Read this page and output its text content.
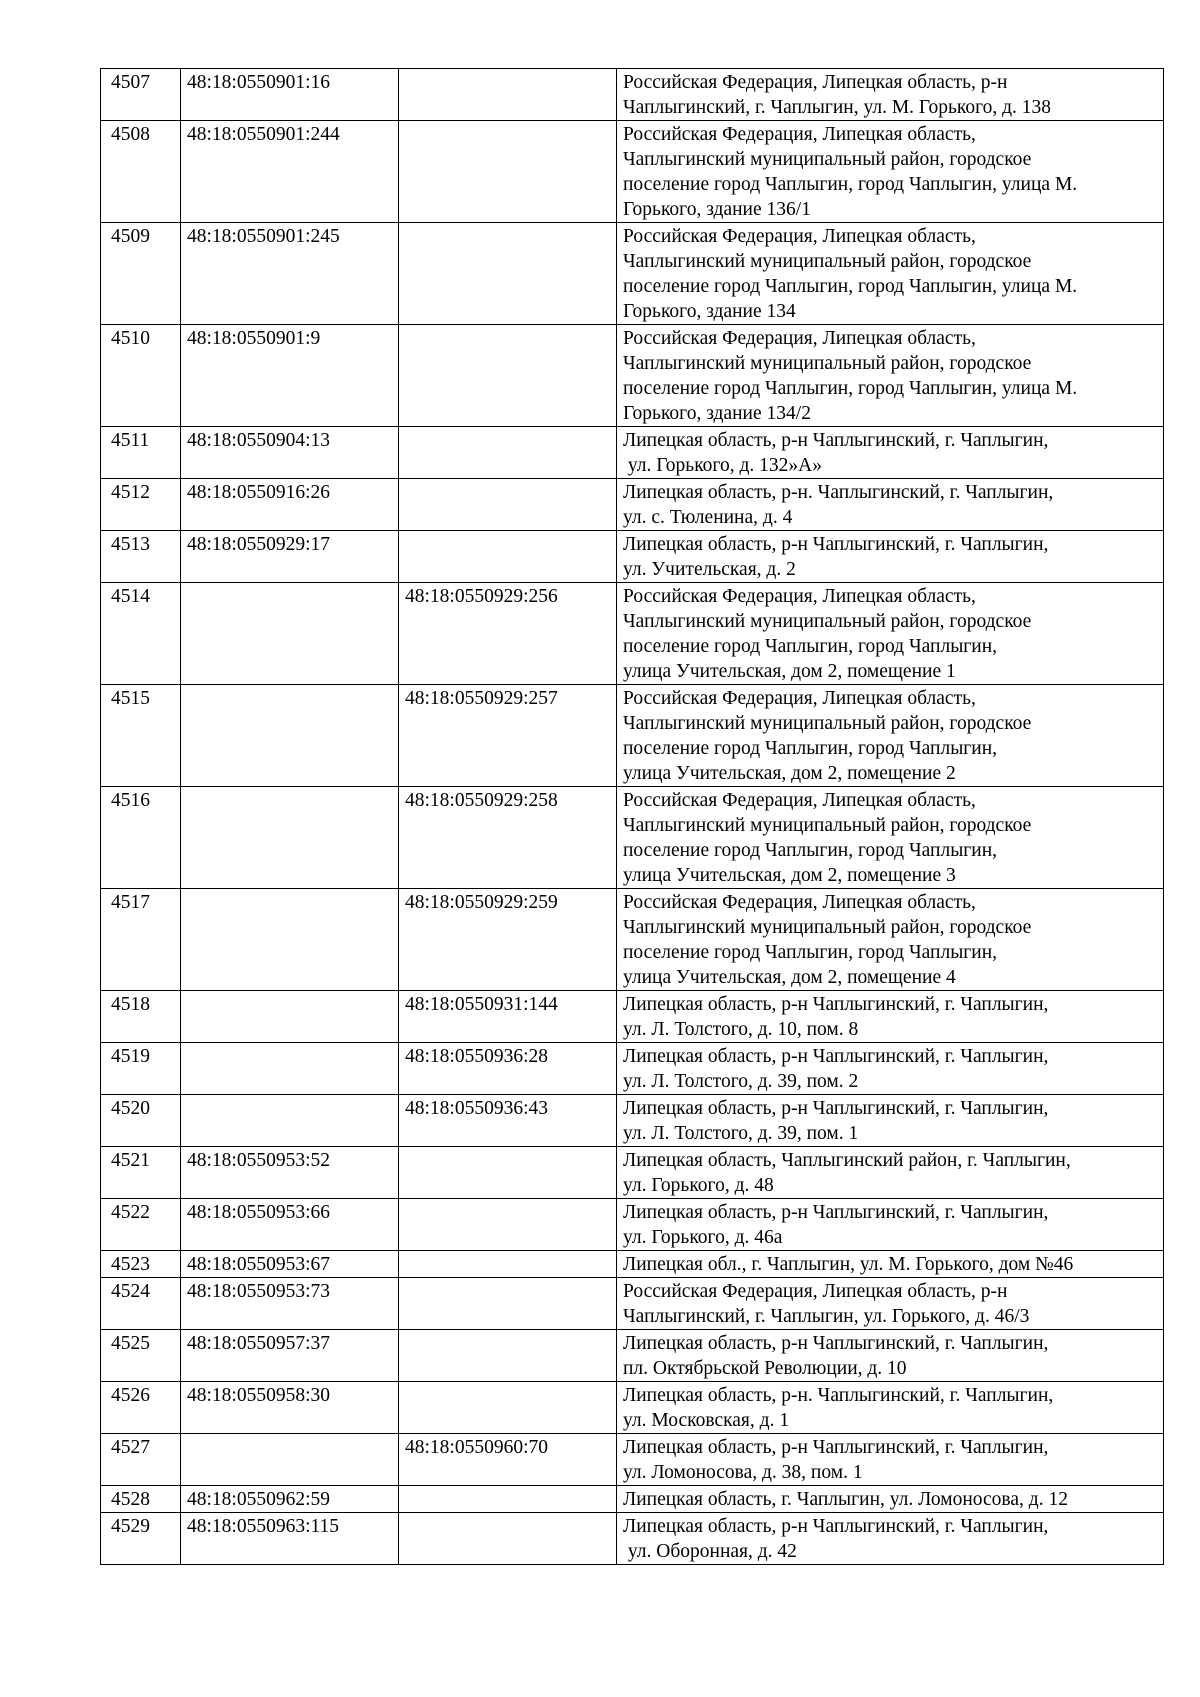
4507	48:18:0550901:16		Российская Федерация, Липецкая область, р-н
Чаплыгинский, г. Чаплыгин, ул. М. Горького, д. 138

4508	48:18:0550901:244		Российская Федерация, Липецкая область,
Чаплыгинский муниципальный район, городское
поселение город Чаплыгин, город Чаплыгин, улица М.
Горького, здание 136/1

4509	48:18:0550901:245		Российская Федерация, Липецкая область,
Чаплыгинский муниципальный район, городское
поселение город Чаплыгин, город Чаплыгин, улица М.
Горького, здание 134

4510	48:18:0550901:9		Российская Федерация, Липецкая область,
Чаплыгинский муниципальный район, городское
поселение город Чаплыгин, город Чаплыгин, улица М.
Горького, здание 134/2

4511	48:18:0550904:13		Липецкая область, р-н Чаплыгинский, г. Чаплыгин,
ул. Горького, д. 132»А»

4512	48:18:0550916:26		Липецкая область, р-н. Чаплыгинский, г. Чаплыгин,
ул. с. Тюленина, д. 4

4513	48:18:0550929:17		Липецкая область, р-н Чаплыгинский, г. Чаплыгин,
ул. Учительская, д. 2

4514		48:18:0550929:256	Российская Федерация, Липецкая область,
Чаплыгинский муниципальный район, городское
поселение город Чаплыгин, город Чаплыгин,
улица Учительская, дом 2, помещение 1

4515		48:18:0550929:257	Российская Федерация, Липецкая область,
Чаплыгинский муниципальный район, городское
поселение город Чаплыгин, город Чаплыгин,
улица Учительская, дом 2, помещение 2

4516		48:18:0550929:258	Российская Федерация, Липецкая область,
Чаплыгинский муниципальный район, городское
поселение город Чаплыгин, город Чаплыгин,
улица Учительская, дом 2, помещение 3

4517		48:18:0550929:259	Российская Федерация, Липецкая область,
Чаплыгинский муниципальный район, городское
поселение город Чаплыгин, город Чаплыгин,
улица Учительская, дом 2, помещение 4

4518		48:18:0550931:144	Липецкая область, р-н Чаплыгинский, г. Чаплыгин,
ул. Л. Толстого, д. 10, пом. 8

4519		48:18:0550936:28	Липецкая область, р-н Чаплыгинский, г. Чаплыгин,
ул. Л. Толстого, д. 39, пом. 2

4520		48:18:0550936:43	Липецкая область, р-н Чаплыгинский, г. Чаплыгин,
ул. Л. Толстого, д. 39, пом. 1

4521	48:18:0550953:52		Липецкая область, Чаплыгинский район, г. Чаплыгин,
ул. Горького, д. 48

4522	48:18:0550953:66		Липецкая область, р-н Чаплыгинский, г. Чаплыгин,
ул. Горького, д. 46а

4523	48:18:0550953:67		Липецкая обл., г. Чаплыгин, ул. М. Горького, дом №46

4524	48:18:0550953:73		Российская Федерация, Липецкая область, р-н
Чаплыгинский, г. Чаплыгин, ул. Горького, д. 46/3

4525	48:18:0550957:37		Липецкая область, р-н Чаплыгинский, г. Чаплыгин,
пл. Октябрьской Революции, д. 10

4526	48:18:0550958:30		Липецкая область, р-н. Чаплыгинский, г. Чаплыгин,
ул. Московская, д. 1

4527		48:18:0550960:70	Липецкая область, р-н Чаплыгинский, г. Чаплыгин,
ул. Ломоносова, д. 38, пом. 1

4528	48:18:0550962:59		Липецкая область, г. Чаплыгин, ул. Ломоносова, д. 12

4529	48:18:0550963:115		Липецкая область, р-н Чаплыгинский, г. Чаплыгин,
ул. Оборонная, д. 42
